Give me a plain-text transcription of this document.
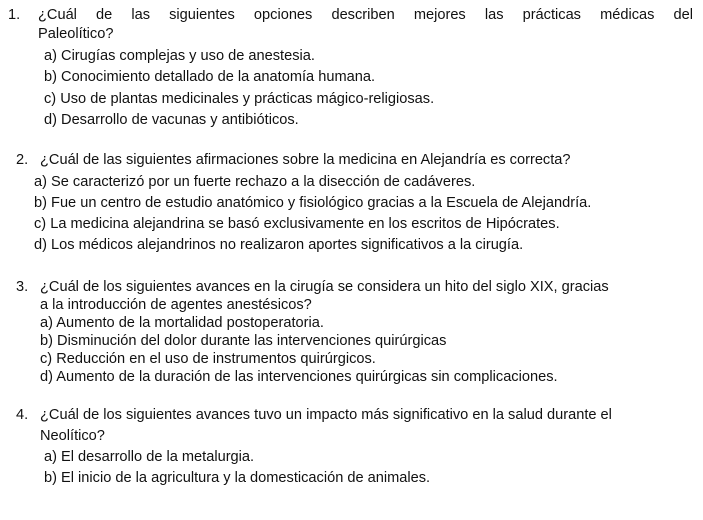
1. ¿Cuál de las siguientes opciones describen mejores las prácticas médicas del
Paleolítico?
a) Cirugías complejas y uso de anestesia.
b) Conocimiento detallado de la anatomía humana.
c) Uso de plantas medicinales y prácticas mágico-religiosas.
d) Desarrollo de vacunas y antibióticos.
2. ¿Cuál de las siguientes afirmaciones sobre la medicina en Alejandría es correcta?
a) Se caracterizó por un fuerte rechazo a la disección de cadáveres.
b) Fue un centro de estudio anatómico y fisiológico gracias a la Escuela de Alejandría.
c) La medicina alejandrina se basó exclusivamente en los escritos de Hipócrates.
d) Los médicos alejandrinos no realizaron aportes significativos a la cirugía.
3. ¿Cuál de los siguientes avances en la cirugía se considera un hito del siglo XIX, gracias
a la introducción de agentes anestésicos?
a) Aumento de la mortalidad postoperatoria.
b) Disminución del dolor durante las intervenciones quirúrgicas
c) Reducción en el uso de instrumentos quirúrgicos.
d) Aumento de la duración de las intervenciones quirúrgicas sin complicaciones.
4. ¿Cuál de los siguientes avances tuvo un impacto más significativo en la salud durante el
Neolítico?
a) El desarrollo de la metalurgia.
b) El inicio de la agricultura y la domesticación de animales.
